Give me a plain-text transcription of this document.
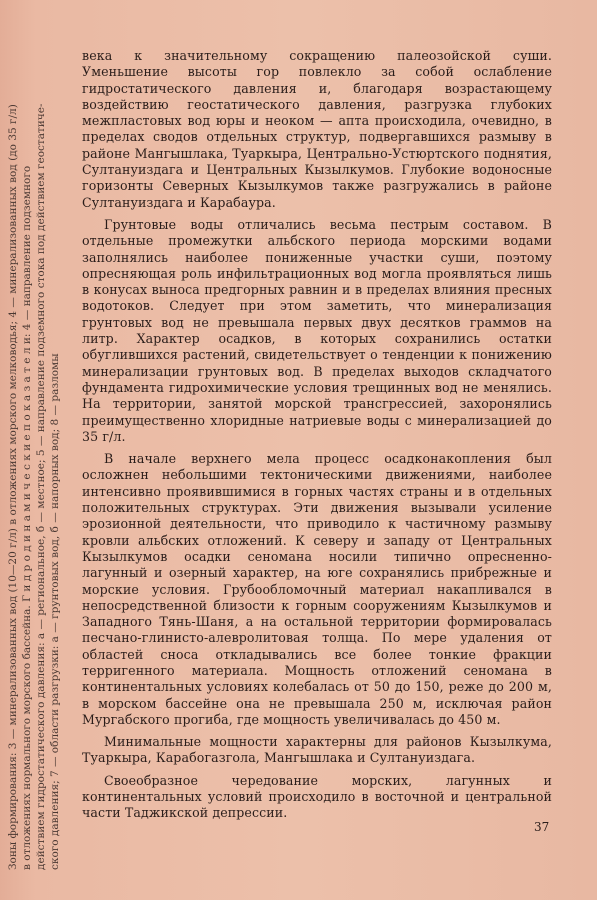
Зоны формирования: 3 — минерализованных вод (10—20 г/л) в отложениях морского мелководья; 4 — минерализованных вод (до 35 г/л) в отложениях нормального морского бассейна. Г и д р о д и н а м и ч е с к и е п о к а з а т е л и: 4 — направление подземного действием гидростатического давления: а — региональное, б — местное; 5 — направление подземного стока под действием геостатиче- ского давления; 7 — области разгрузки: а — грунтовых вод, б — напорных вод; 8 — разломы

века к значительному сокращению палеозойской суши. Уменьшение высоты гор повлекло за собой ослабление гидростатического давления и, благодаря возрастающему воздействию геостатического давления, разгрузка глубоких межпластовых вод юры и неоком — апта происходила, очевидно, в пределах сводов отдельных структур, подвергавшихся размыву в районе Мангышлака, Туаркыра, Центрально-Устюртского поднятия, Султануиздага и Центральных Кызылкумов. Глубокие водоносные горизонты Северных Кызылкумов также разгружались в районе Султануиздага и Карабаура.

Грунтовые воды отличались весьма пестрым составом. В отдельные промежутки альбского периода морскими водами заполнялись наиболее пониженные участки суши, поэтому опресняющая роль инфильтрационных вод могла проявляться лишь в конусах выноса предгорных равнин и в пределах влияния пресных водотоков. Следует при этом заметить, что минерализация грунтовых вод не превышала первых двух десятков граммов на литр. Характер осадков, в которых сохранились остатки обуглившихся растений, свидетельствует о тенденции к понижению минерализации грунтовых вод. В пределах выходов складчатого фундамента гидрохимические условия трещинных вод не менялись. На территории, занятой морской трансгрессией, захоронялись преимущественно хлоридные натриевые воды с минерализацией до 35 г/л.

В начале верхнего мела процесс осадконакопления был осложнен небольшими тектоническими движениями, наиболее интенсивно проявившимися в горных частях страны и в отдельных положительных структурах. Эти движения вызывали усиление эрозионной деятельности, что приводило к частичному размыву кровли альбских отложений. К северу и западу от Центральных Кызылкумов осадки сеномана носили типично опресненно-лагунный и озерный характер, на юге сохранялись прибрежные и морские условия. Грубообломочный материал накапливался в непосредственной близости к горным сооружениям Кызылкумов и Западного Тянь-Шаня, а на остальной территории формировалась песчано-глинисто-алевролитовая толща. По мере удаления от областей сноса откладывались все более тонкие фракции терригенного материала. Мощность отложений сеномана в континентальных условиях колебалась от 50 до 150, реже до 200 м, в морском бассейне она не превышала 250 м, исключая район Мургабского прогиба, где мощность увеличивалась до 450 м.

Минимальные мощности характерны для районов Кызылкума, Туаркыра, Карабогазгола, Мангышлака и Султануиздага.

Своеобразное чередование морских, лагунных и континентальных условий происходило в восточной и центральной части Таджикской депрессии.

37
